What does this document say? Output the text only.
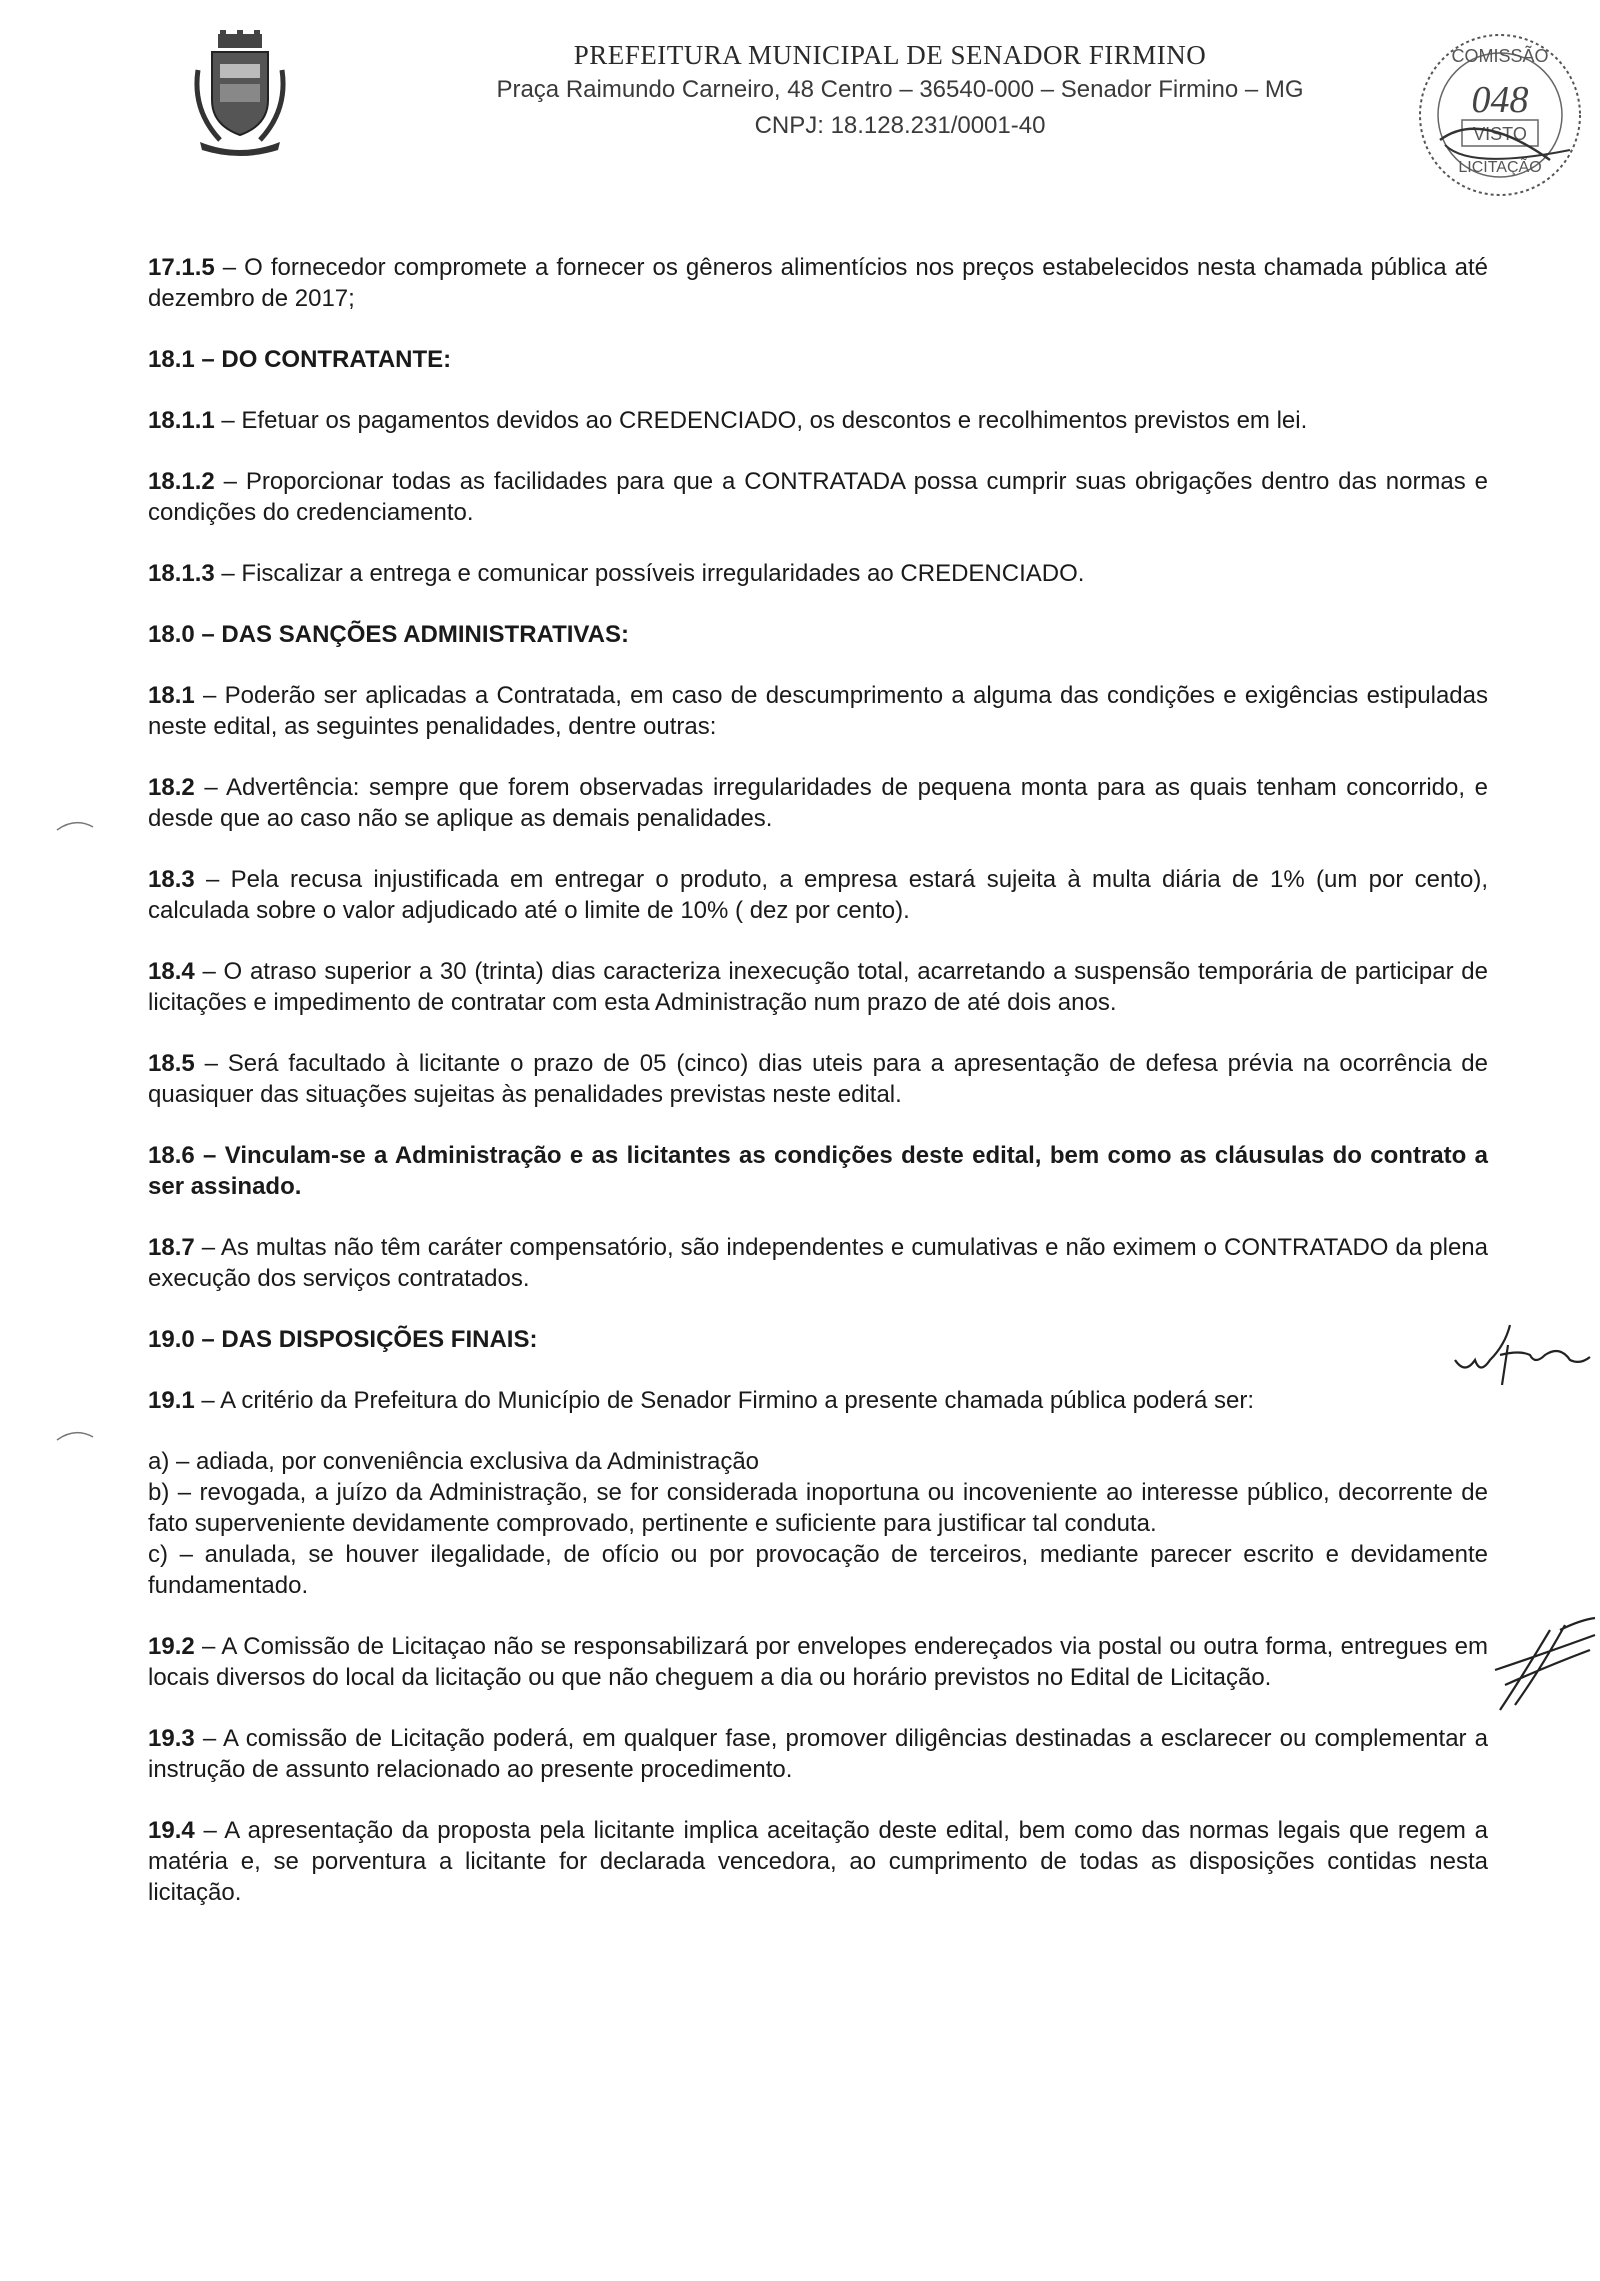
PREFEITURA MUNICIPAL DE SENADOR FIRMINO
Praça Raimundo Carneiro, 48 Centro – 36540-000 – Senador Firmino – MG
CNPJ: 18.128.231/0001-40
COMISSÃO
048
VISTO
LICITAÇÃO

17.1.5 – O fornecedor compromete a fornecer os gêneros alimentícios nos preços estabelecidos nesta chamada pública até dezembro de 2017;

18.1 – DO CONTRATANTE:

18.1.1 – Efetuar os pagamentos devidos ao CREDENCIADO, os descontos e recolhimentos previstos em lei.

18.1.2 – Proporcionar todas as facilidades para que a CONTRATADA possa cumprir suas obrigações dentro das normas e condições do credenciamento.

18.1.3 – Fiscalizar a entrega e comunicar possíveis irregularidades ao CREDENCIADO.

18.0 – DAS SANÇÕES ADMINISTRATIVAS:

18.1 – Poderão ser aplicadas a Contratada, em caso de descumprimento a alguma das condições e exigências estipuladas neste edital, as seguintes penalidades, dentre outras:

18.2 – Advertência: sempre que forem observadas irregularidades de pequena monta para as quais tenham concorrido, e desde que ao caso não se aplique as demais penalidades.

18.3 – Pela recusa injustificada em entregar o produto, a empresa estará sujeita à multa diária de 1% (um por cento), calculada sobre o valor adjudicado até o limite de 10% ( dez por cento).

18.4 – O atraso superior a 30 (trinta) dias caracteriza inexecução total, acarretando a suspensão temporária de participar de licitações e impedimento de contratar com esta Administração num prazo de até dois anos.

18.5 – Será facultado à licitante o prazo de 05 (cinco) dias uteis para a apresentação de defesa prévia na ocorrência de quasiquer das situações sujeitas às penalidades previstas neste edital.

18.6 – Vinculam-se a Administração e as licitantes as condições deste edital, bem como as cláusulas do contrato a ser assinado.

18.7 – As multas não têm caráter compensatório, são independentes e cumulativas e não eximem o CONTRATADO da plena execução dos serviços contratados.

19.0 – DAS DISPOSIÇÕES FINAIS:

19.1 – A critério da Prefeitura do Município de Senador Firmino a presente chamada pública poderá ser:

a) – adiada, por conveniência exclusiva da Administração

b) – revogada, a juízo da Administração, se for considerada inoportuna ou incoveniente ao interesse público, decorrente de fato superveniente devidamente comprovado, pertinente e suficiente para justificar tal conduta.

c) – anulada, se houver ilegalidade, de ofício ou por provocação de terceiros, mediante parecer escrito e devidamente fundamentado.

19.2 – A Comissão de Licitaçao não se responsabilizará por envelopes endereçados via postal ou outra forma, entregues em locais diversos do local da licitação ou que não cheguem a dia ou horário previstos no Edital de Licitação.

19.3 – A comissão de Licitação poderá, em qualquer fase, promover diligências destinadas a esclarecer ou complementar a instrução de assunto relacionado ao presente procedimento.

19.4 – A apresentação da proposta pela licitante implica aceitação deste edital, bem como das normas legais que regem a matéria e, se porventura a licitante for declarada vencedora, ao cumprimento de todas as disposições contidas nesta licitação.
